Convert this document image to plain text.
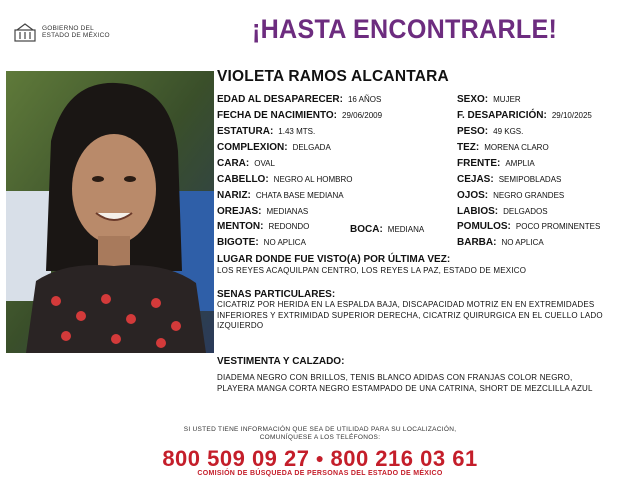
GOBIERNO DEL
ESTADO DE MÉXICO	¡HASTA ENCONTRARLE!
VIOLETA RAMOS ALCANTARA
EDAD AL DESAPARECER: 16 AÑOS
FECHA DE NACIMIENTO: 29/06/2009
ESTATURA: 1.43 MTS.
COMPLEXION: DELGADA
CARA: OVAL
CABELLO: NEGRO AL HOMBRO
NARIZ: CHATA BASE MEDIANA
OREJAS: MEDIANAS
MENTON: REDONDO	BOCA: MEDIANA
BIGOTE: NO APLICA
SEXO: MUJER
F. DESAPARICIÓN: 29/10/2025
PESO: 49 KGS.
TEZ: MORENA CLARO
FRENTE: AMPLIA
CEJAS: SEMIPOBLADAS
OJOS: NEGRO GRANDES
LABIOS: DELGADOS
POMULOS: POCO PROMINENTES
BARBA: NO APLICA
LUGAR DONDE FUE VISTO(A) POR ÚLTIMA VEZ:
LOS REYES ACAQUILPAN CENTRO, LOS REYES LA PAZ, ESTADO DE MEXICO
SENAS PARTICULARES:
CICATRIZ POR HERIDA EN LA ESPALDA BAJA, DISCAPACIDAD MOTRIZ EN EN EXTREMIDADES INFERIORES Y EXTRIMIDAD SUPERIOR DERECHA, CICATRIZ QUIRURGICA EN EL CUELLO LADO IZQUIERDO
VESTIMENTA Y CALZADO:
DIADEMA NEGRO CON BRILLOS, TENIS BLANCO ADIDAS CON FRANJAS COLOR NEGRO, PLAYERA MANGA CORTA NEGRO ESTAMPADO DE UNA CATRINA, SHORT DE MEZCLILLA AZUL
SI USTED TIENE INFORMACIÓN QUE SEA DE UTILIDAD PARA SU LOCALIZACIÓN,
COMUNÍQUESE A LOS TELÉFONOS:
800 509 09 27 ● 800 216 03 61
COMISIÓN DE BÚSQUEDA DE PERSONAS DEL ESTADO DE MÉXICO
